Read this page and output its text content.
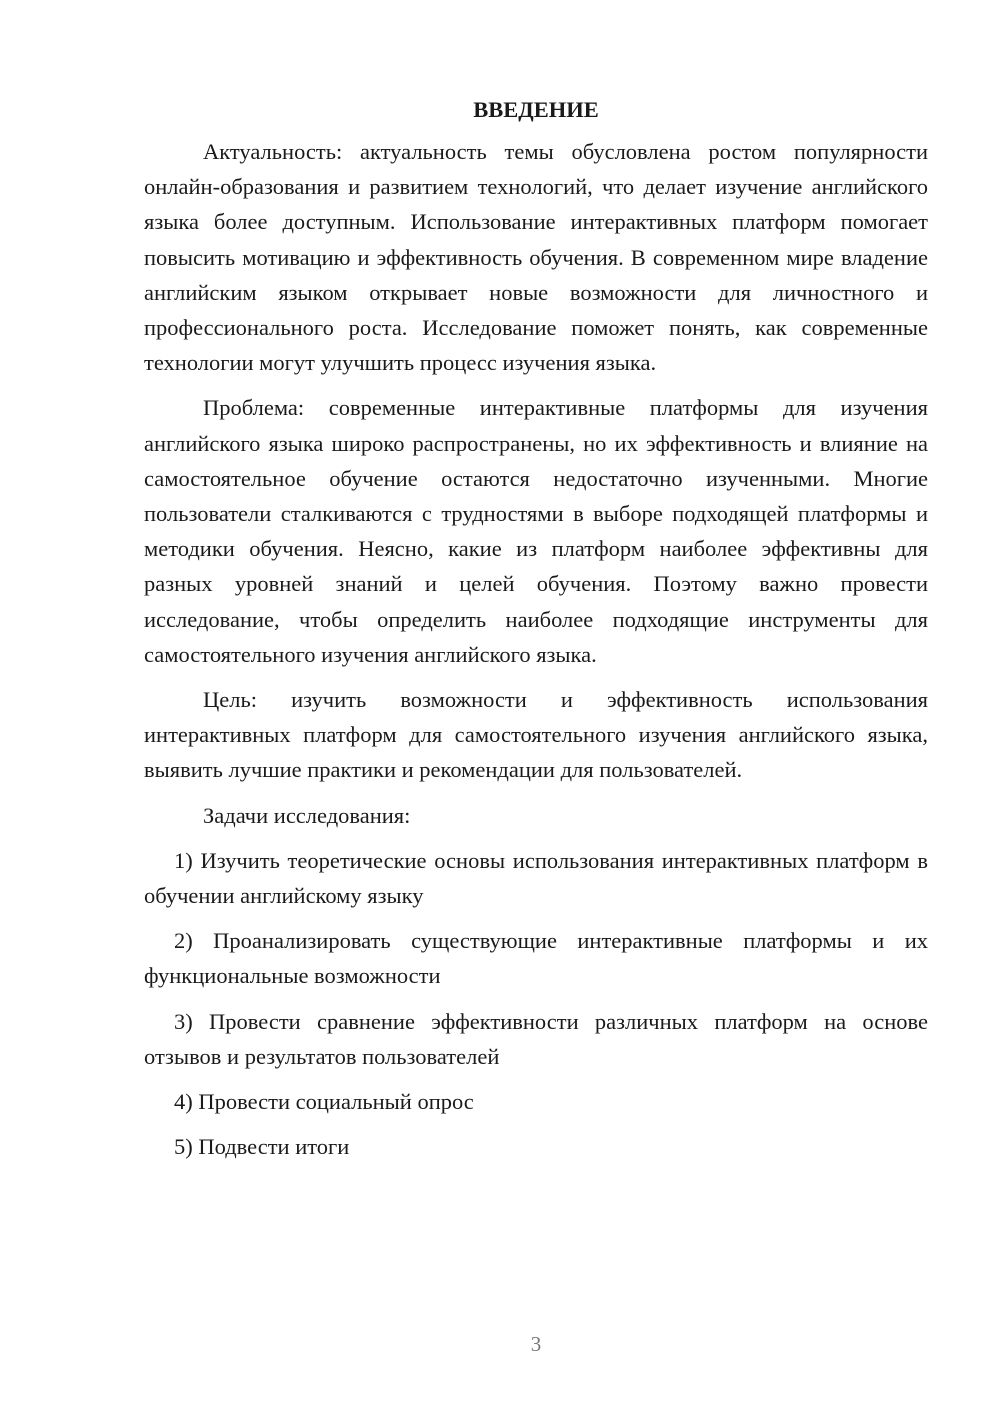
ВВЕДЕНИЕ

Актуальность: актуальность темы обусловлена ростом популярности онлайн-образования и развитием технологий, что делает изучение английского языка более доступным. Использование интерактивных платформ помогает повысить мотивацию и эффективность обучения. В современном мире владение английским языком открывает новые возможности для личностного и профессионального роста. Исследование поможет понять, как современные технологии могут улучшить процесс изучения языка.

Проблема: современные интерактивные платформы для изучения английского языка широко распространены, но их эффективность и влияние на самостоятельное обучение остаются недостаточно изученными. Многие пользователи сталкиваются с трудностями в выборе подходящей платформы и методики обучения. Неясно, какие из платформ наиболее эффективны для разных уровней знаний и целей обучения. Поэтому важно провести исследование, чтобы определить наиболее подходящие инструменты для самостоятельного изучения английского языка.

Цель: изучить возможности и эффективность использования интерактивных платформ для самостоятельного изучения английского языка, выявить лучшие практики и рекомендации для пользователей.

Задачи исследования:

1) Изучить теоретические основы использования интерактивных платформ в обучении английскому языку

2) Проанализировать существующие интерактивные платформы и их функциональные возможности

3) Провести сравнение эффективности различных платформ на основе отзывов и результатов пользователей

4) Провести социальный опрос

5) Подвести итоги

3
